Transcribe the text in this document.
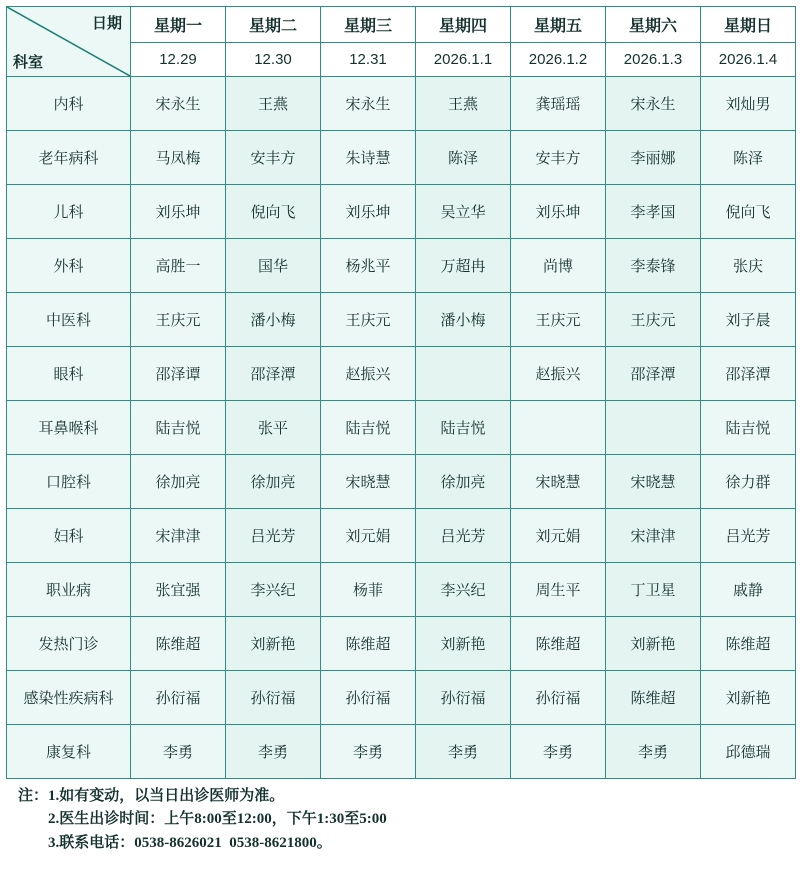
日期
科室	星期一	星期二	星期三	星期四	星期五	星期六	星期日
	12.29	12.30	12.31	2026.1.1	2026.1.2	2026.1.3	2026.1.4
内科	宋永生	王燕	宋永生	王燕	龚瑶瑶	宋永生	刘灿男
老年病科	马凤梅	安丰方	朱诗慧	陈泽	安丰方	李丽娜	陈泽
儿科	刘乐坤	倪向飞	刘乐坤	吴立华	刘乐坤	李孝国	倪向飞
外科	高胜一	国华	杨兆平	万超冉	尚博	李泰锋	张庆
中医科	王庆元	潘小梅	王庆元	潘小梅	王庆元	王庆元	刘子晨
眼科	邵泽谭	邵泽潭	赵振兴		赵振兴	邵泽潭	邵泽潭
耳鼻喉科	陆吉悦	张平	陆吉悦	陆吉悦			陆吉悦
口腔科	徐加亮	徐加亮	宋晓慧	徐加亮	宋晓慧	宋晓慧	徐力群
妇科	宋津津	吕光芳	刘元娟	吕光芳	刘元娟	宋津津	吕光芳
职业病	张宜强	李兴纪	杨菲	李兴纪	周生平	丁卫星	戚静
发热门诊	陈维超	刘新艳	陈维超	刘新艳	陈维超	刘新艳	陈维超
感染性疾病科	孙衍福	孙衍福	孙衍福	孙衍福	孙衍福	陈维超	刘新艳
康复科	李勇	李勇	李勇	李勇	李勇	李勇	邱德瑞
注：1.如有变动，以当日出诊医师为准。
2.医生出诊时间：上午8:00至12:00，下午1:30至5:00
3.联系电话：0538-8626021  0538-8621800。
